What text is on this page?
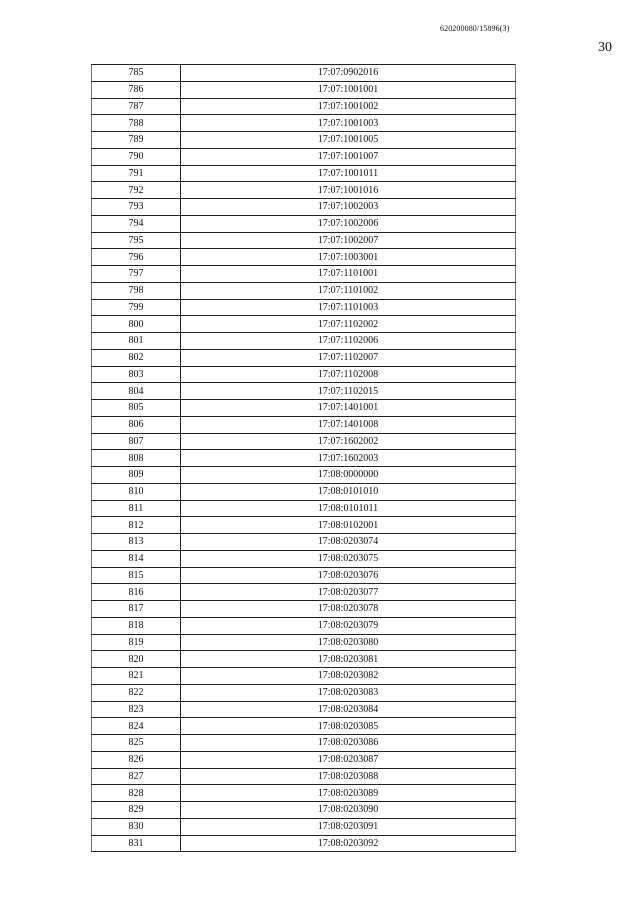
620200080/15896(3)
30
785	17:07:0902016
786	17:07:1001001
787	17:07:1001002
788	17:07:1001003
789	17:07:1001005
790	17:07:1001007
791	17:07:1001011
792	17:07:1001016
793	17:07:1002003
794	17:07:1002006
795	17:07:1002007
796	17:07:1003001
797	17:07:1101001
798	17:07:1101002
799	17:07:1101003
800	17:07:1102002
801	17:07:1102006
802	17:07:1102007
803	17:07:1102008
804	17:07:1102015
805	17:07:1401001
806	17:07:1401008
807	17:07:1602002
808	17:07:1602003
809	17:08:0000000
810	17:08:0101010
811	17:08:0101011
812	17:08:0102001
813	17:08:0203074
814	17:08:0203075
815	17:08:0203076
816	17:08:0203077
817	17:08:0203078
818	17:08:0203079
819	17:08:0203080
820	17:08:0203081
821	17:08:0203082
822	17:08:0203083
823	17:08:0203084
824	17:08:0203085
825	17:08:0203086
826	17:08:0203087
827	17:08:0203088
828	17:08:0203089
829	17:08:0203090
830	17:08:0203091
831	17:08:0203092
